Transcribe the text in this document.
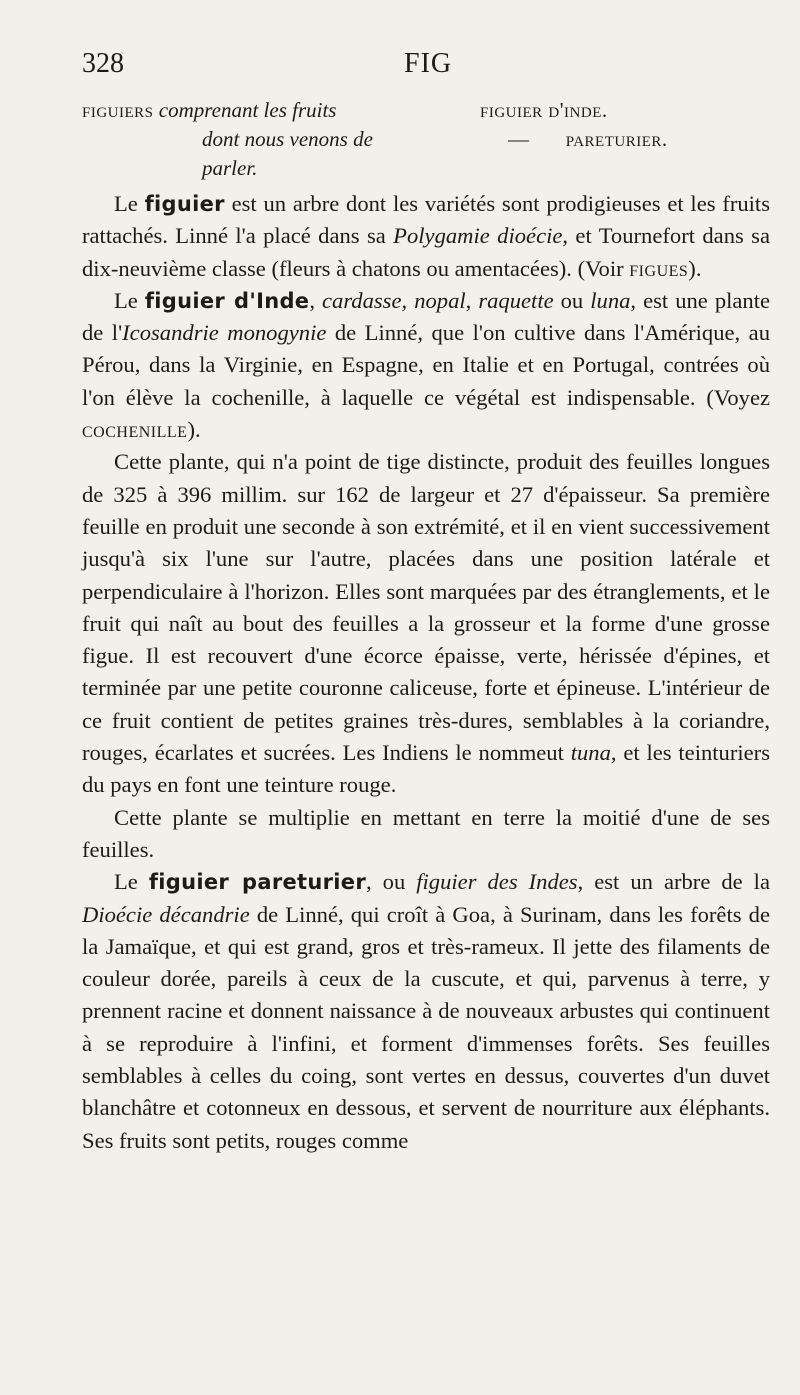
328	FIG
figuiers comprenant les fruits
dont nous venons de
parler.
figuier d'inde.
— pareturier.

Le figuier est un arbre dont les variétés sont prodigieuses et les fruits rattachés. Linné l'a placé dans sa Polygamie dioécie, et Tournefort dans sa dix-neuvième classe (fleurs à chatons ou amentacées). (Voir figues).

Le figuier d'Inde, cardasse, nopal, raquette ou luna, est une plante de l'Icosandrie monogynie de Linné, que l'on cultive dans l'Amérique, au Pérou, dans la Virginie, en Espagne, en Italie et en Portugal, contrées où l'on élève la cochenille, à laquelle ce végétal est indispensable. (Voyez cochenille).

Cette plante, qui n'a point de tige distincte, produit des feuilles longues de 325 à 396 millim. sur 162 de largeur et 27 d'épaisseur. Sa première feuille en produit une seconde à son extrémité, et il en vient successivement jusqu'à six l'une sur l'autre, placées dans une position latérale et perpendiculaire à l'horizon. Elles sont marquées par des étranglements, et le fruit qui naît au bout des feuilles a la grosseur et la forme d'une grosse figue. Il est recouvert d'une écorce épaisse, verte, hérissée d'épines, et terminée par une petite couronne caliceuse, forte et épineuse. L'intérieur de ce fruit contient de petites graines très-dures, semblables à la coriandre, rouges, écarlates et sucrées. Les Indiens le nommeut tuna, et les teinturiers du pays en font une teinture rouge.

Cette plante se multiplie en mettant en terre la moitié d'une de ses feuilles.

Le figuier pareturier, ou figuier des Indes, est un arbre de la Dioécie décandrie de Linné, qui croît à Goa, à Surinam, dans les forêts de la Jamaïque, et qui est grand, gros et très-rameux. Il jette des filaments de couleur dorée, pareils à ceux de la cuscute, et qui, parvenus à terre, y prennent racine et donnent naissance à de nouveaux arbustes qui continuent à se reproduire à l'infini, et forment d'immenses forêts. Ses feuilles semblables à celles du coing, sont vertes en dessus, couvertes d'un duvet blanchâtre et cotonneux en dessous, et servent de nourriture aux éléphants. Ses fruits sont petits, rouges comme
